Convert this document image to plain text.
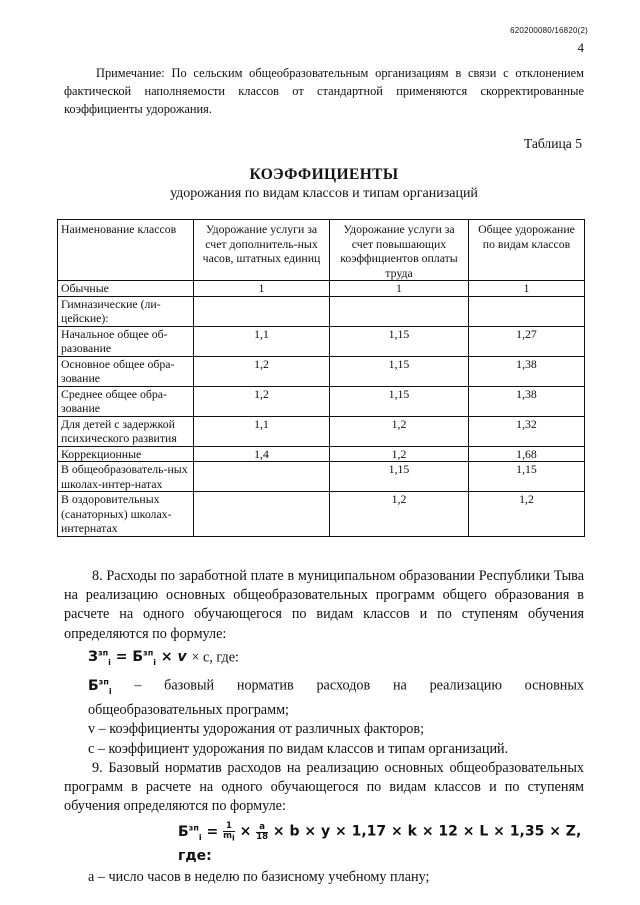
620200080/16820(2)
4
Примечание: По сельским общеобразовательным организациям в связи с отклонением фактической наполняемости классов от стандартной применяются скорректированные коэффициенты удорожания.
Таблица 5
КОЭФФИЦИЕНТЫ
удорожания по видам классов и типам организаций
Наименование классов	Удорожание услуги за счет дополнитель-ных часов, штатных единиц	Удорожание услуги за счет повышающих коэффициентов оплаты труда	Общее удорожание по видам классов
Обычные	1	1	1
Гимназические (ли-цейские):			
Начальное общее об-разование	1,1	1,15	1,27
Основное общее обра-зование	1,2	1,15	1,38
Среднее общее обра-зование	1,2	1,15	1,38
Для детей с задержкой психического развития	1,1	1,2	1,32
Коррекционные	1,4	1,2	1,68
В общеобразователь-ных школах-интер-натах		1,15	1,15
В оздоровительных (санаторных) школах-интернатах		1,2	1,2
8. Расходы по заработной плате в муниципальном образовании Республики Тыва на реализацию основных общеобразовательных программ общего образования в расчете на одного обучающегося по видам классов и по ступеням обучения определяются по формуле:
$З^{зп}_i = Б^{зп}_i \times v \times с$, где:
$Б^{зп}_i$ – базовый норматив расходов на реализацию основных общеобразовательных программ;
v – коэффициенты удорожания от различных факторов;
с – коэффициент удорожания по видам классов и типам организаций.
9. Базовый норматив расходов на реализацию основных общеобразовательных программ в расчете на одного обучающегося по видам классов и по ступеням обучения определяются по формуле:
$Б^{зп}_i = \frac{1}{m_i} \times \frac{a}{18} \times b \times y \times 1,17 \times k \times 12 \times L \times 1,35 \times Z$, где:
а – число часов в неделю по базисному учебному плану;
